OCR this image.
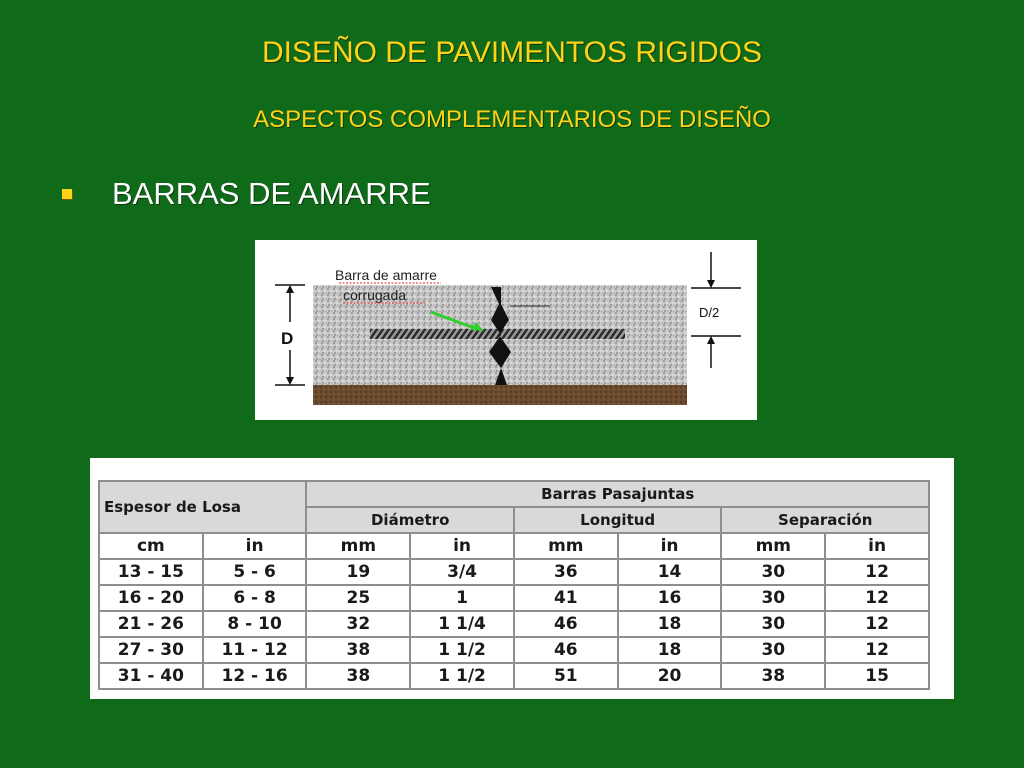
DISEÑO DE PAVIMENTOS RIGIDOS
ASPECTOS COMPLEMENTARIOS DE DISEÑO
BARRAS DE AMARRE
Barra de amarre
corrugada
D
D/2
Espesor de Losa		Barras Pasajuntas					
		Diámetro		Longitud		Separación	
cm	in	mm	in	mm	in	mm	in
13 - 15	5 - 6	19	3/4	36	14	30	12
16 - 20	6 - 8	25	1	41	16	30	12
21 - 26	8 - 10	32	1 1/4	46	18	30	12
27 - 30	11 - 12	38	1 1/2	46	18	30	12
31 - 40	12 - 16	38	1 1/2	51	20	38	15
